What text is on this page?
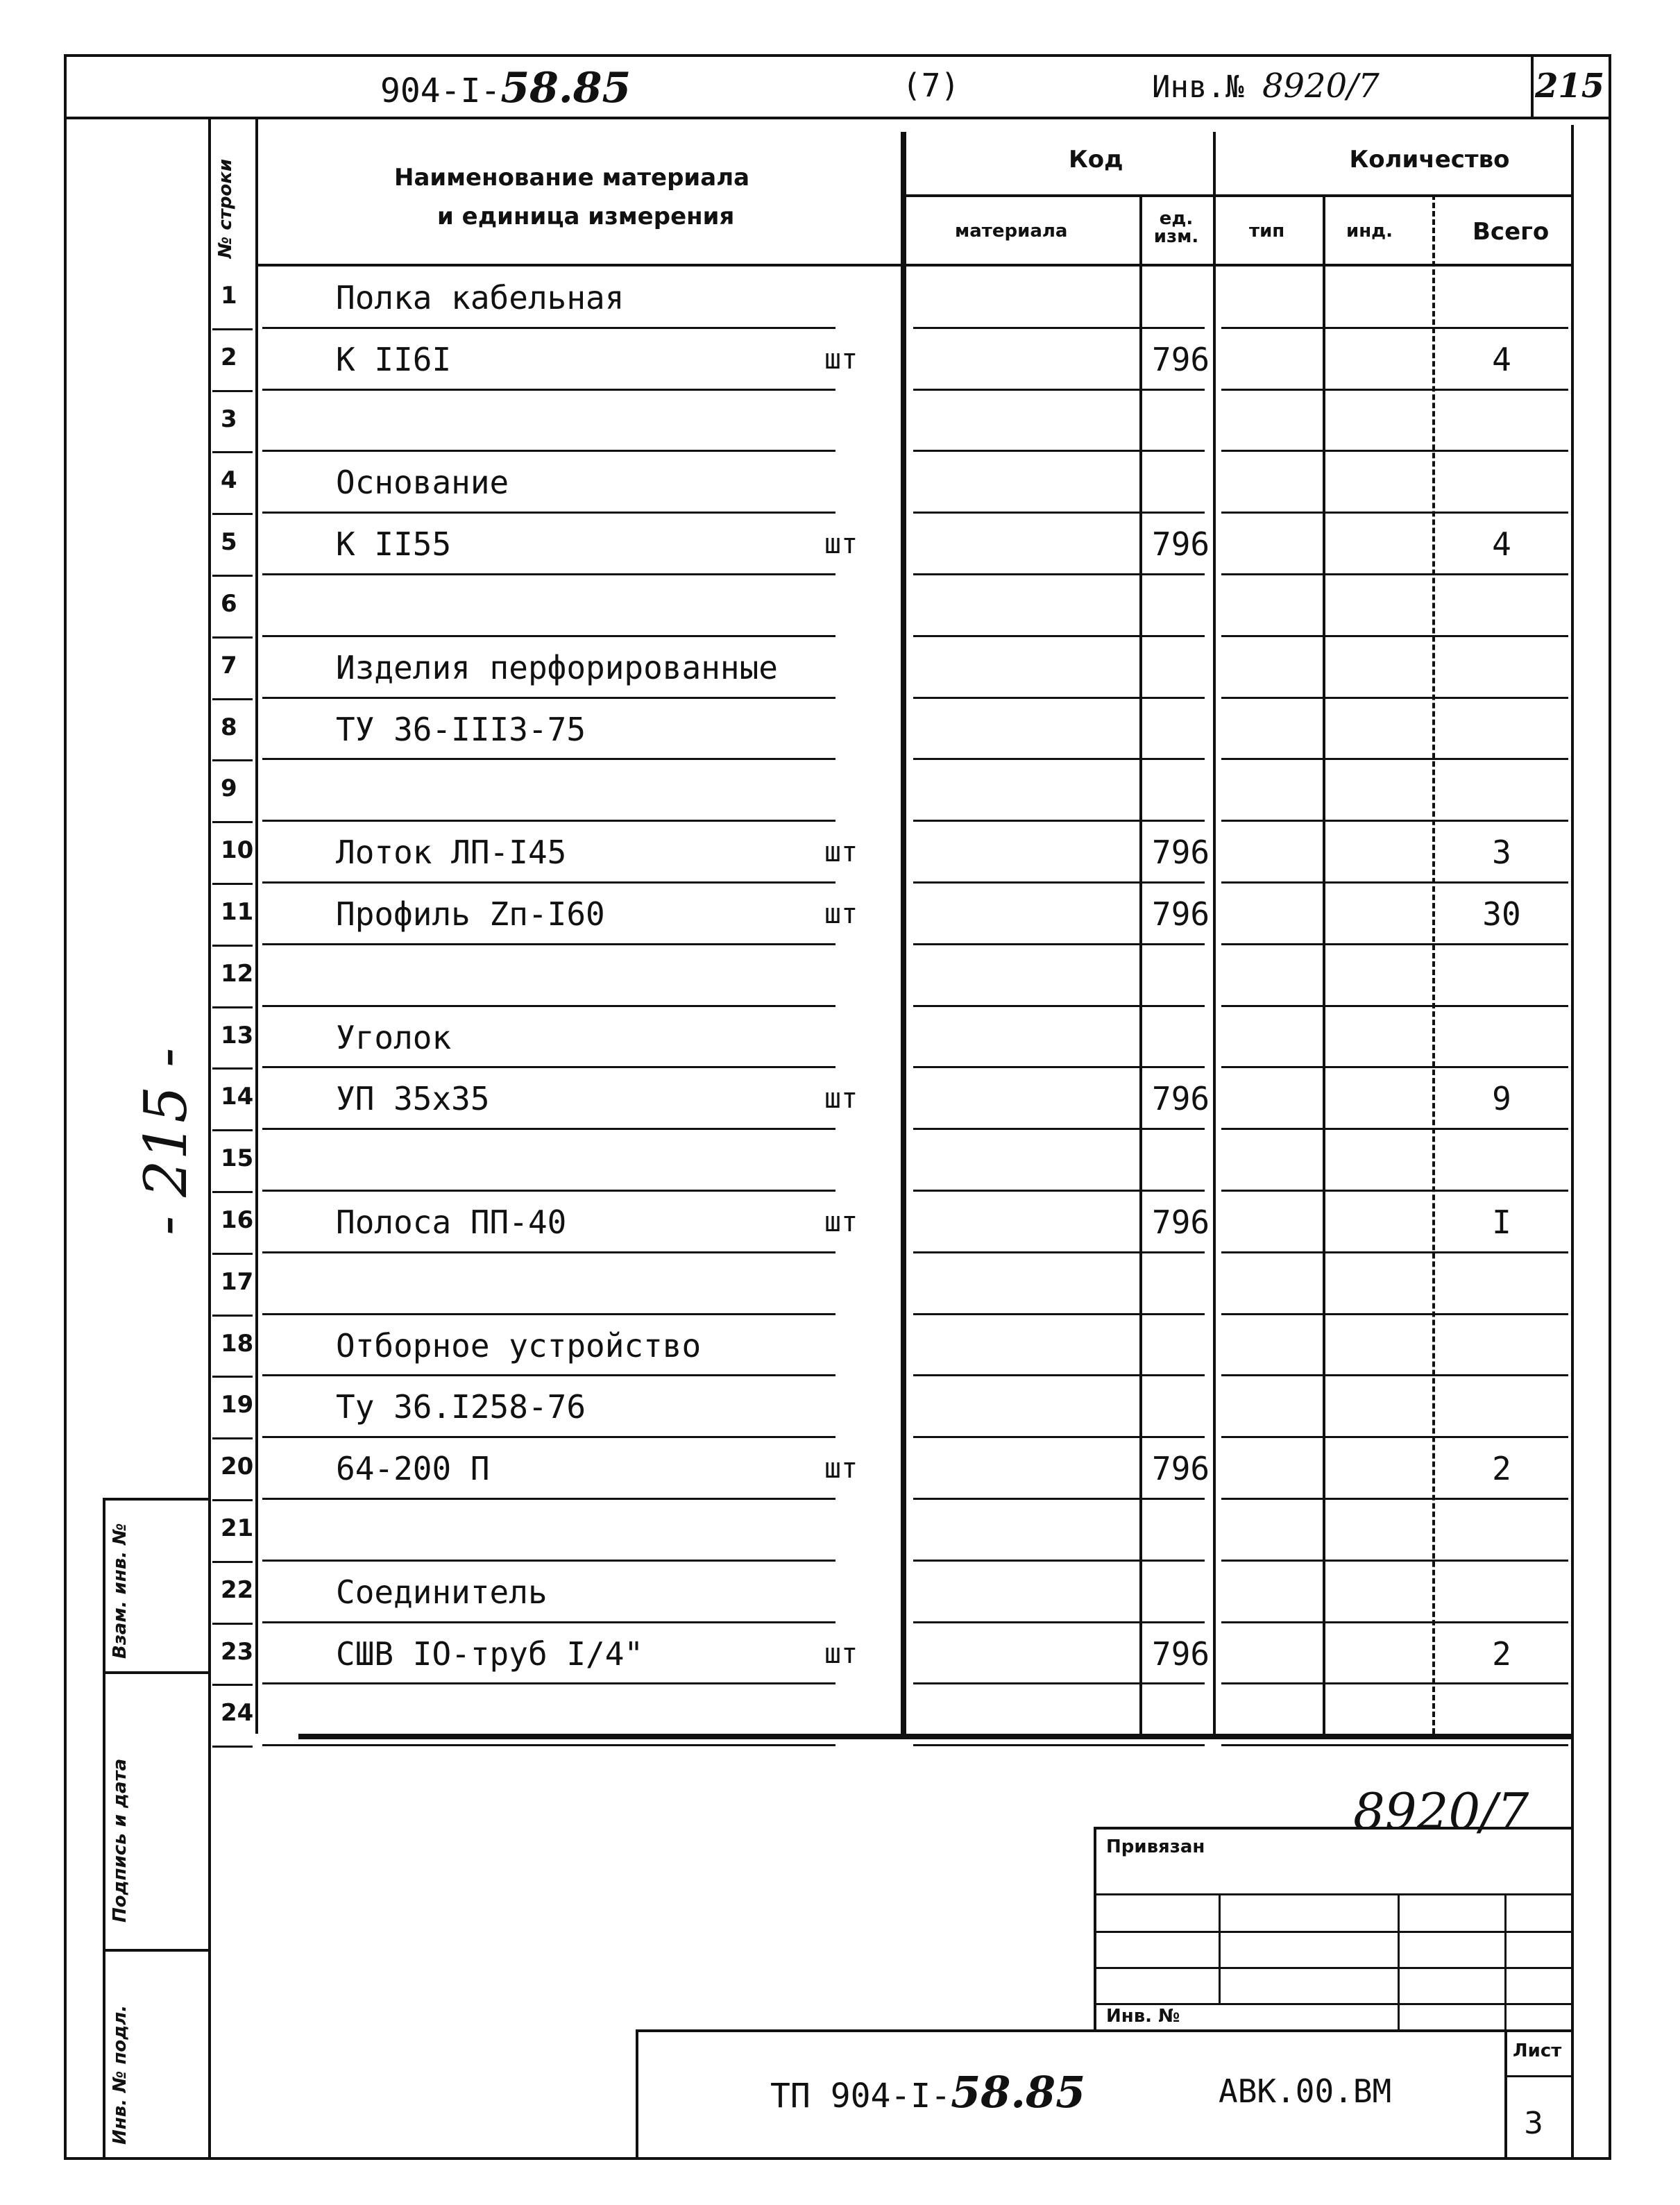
904-I-58.85	(7)	Инв.№ 8920/7	215
№ строки	Наименование материала
и единица измерения
Код	Количество
материала
ед. изм.	тип	инд.	Всего
1	Полка кабельная
2	К II6I	шт	796	4
3
4	Основание
5	К II55	шт	796	4
6
7	Изделия перфорированные
8	ТУ 36-III3-75
9
10	Лоток ЛП-I45	шт	796	3
11	Профиль Zп-I60	шт	796	30
12
13	Уголок
14	УП 35х35	шт	796	9
15
16	Полоса ПП-40	шт	796	I
17
18	Отборное устройство
19	Ту 36.I258-76
20	64-200 П	шт	796	2
21
22	Соединитель
23	СШВ IO-труб I/4"	шт	796	2
24
Взам. инв. №
Подпись и дата
Инв. № подл.
- 215 -
8920/7
Привязан
Инв. №
ТП 904-I-58.85	АВК.00.ВМ
Лист
3
